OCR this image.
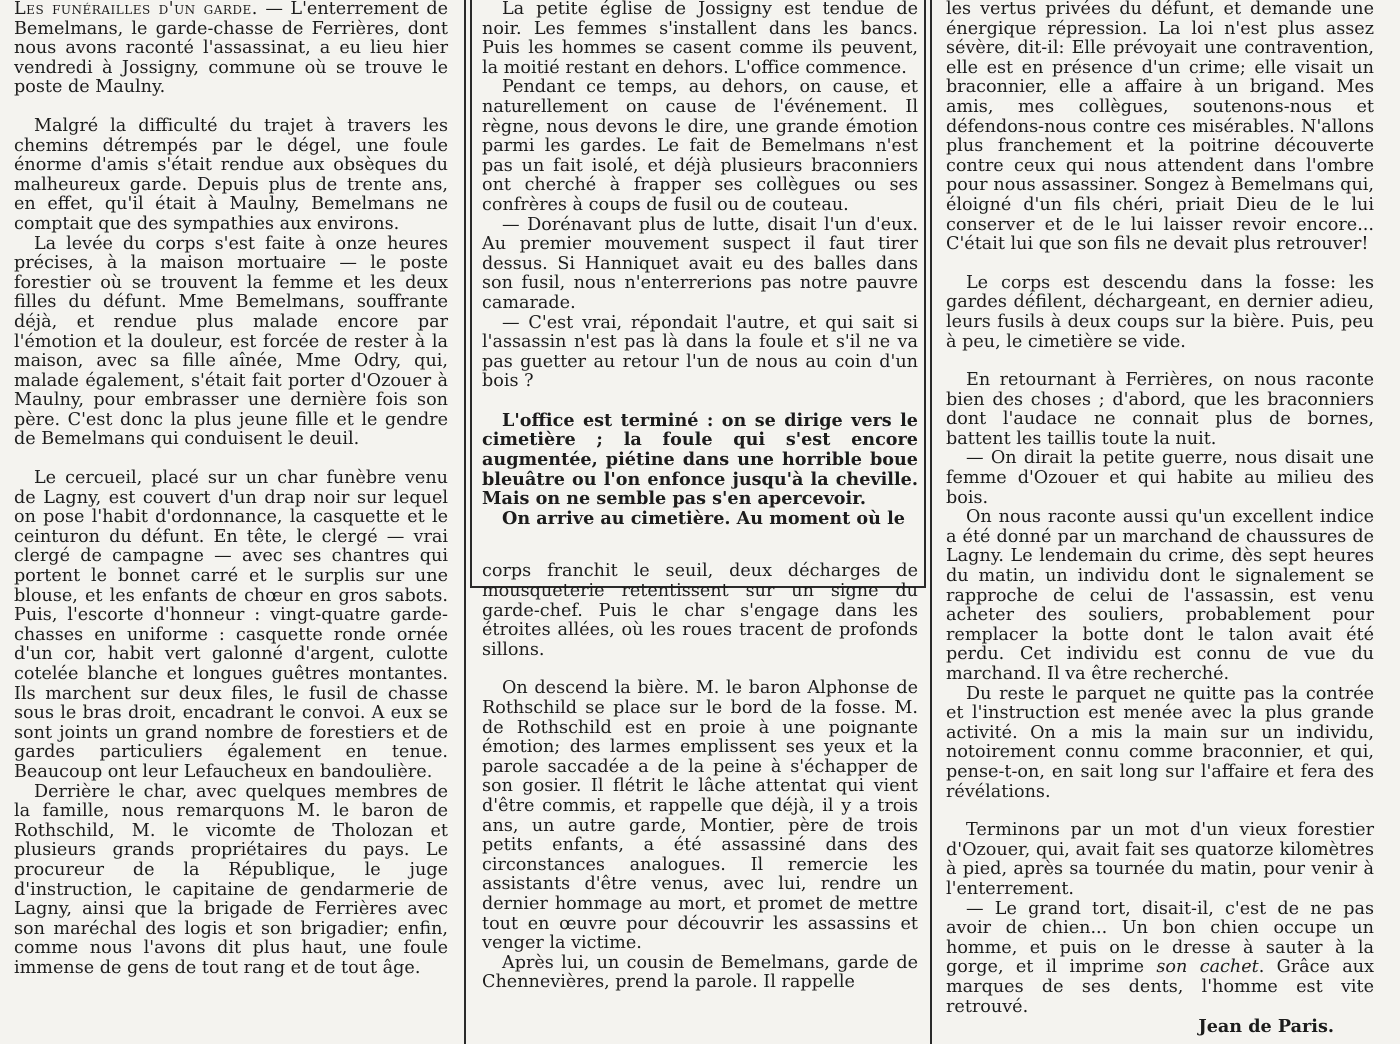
Les funérailles d'un garde. — L'enterrement de Bemelmans, le garde-chasse de Ferrières, dont nous avons raconté l'assassinat, a eu lieu hier vendredi à Jossigny, commune où se trouve le poste de Maulny.

Malgré la difficulté du trajet à travers les chemins détrempés par le dégel, une foule énorme d'amis s'était rendue aux obsèques du malheureux garde. Depuis plus de trente ans, en effet, qu'il était à Maulny, Bemelmans ne comptait que des sympathies aux environs.

La levée du corps s'est faite à onze heures précises, à la maison mortuaire — le poste forestier où se trouvent la femme et les deux filles du défunt. Mme Bemelmans, souffrante déjà, et rendue plus malade encore par l'émotion et la douleur, est forcée de rester à la maison, avec sa fille aînée, Mme Odry, qui, malade également, s'était fait porter d'Ozouer à Maulny, pour embrasser une dernière fois son père. C'est donc la plus jeune fille et le gendre de Bemelmans qui conduisent le deuil.

Le cercueil, placé sur un char funèbre venu de Lagny, est couvert d'un drap noir sur lequel on pose l'habit d'ordonnance, la casquette et le ceinturon du défunt. En tête, le clergé — vrai clergé de campagne — avec ses chantres qui portent le bonnet carré et le surplis sur une blouse, et les enfants de chœur en gros sabots. Puis, l'escorte d'honneur : vingt-quatre garde-chasses en uniforme : casquette ronde ornée d'un cor, habit vert galonné d'argent, culotte cotelée blanche et longues guêtres montantes. Ils marchent sur deux files, le fusil de chasse sous le bras droit, encadrant le convoi. A eux se sont joints un grand nombre de forestiers et de gardes particuliers également en tenue. Beaucoup ont leur Lefaucheux en bandoulière.

Derrière le char, avec quelques membres de la famille, nous remarquons M. le baron de Rothschild, M. le vicomte de Tholozan et plusieurs grands propriétaires du pays. Le procureur de la République, le juge d'instruction, le capitaine de gendarmerie de Lagny, ainsi que la brigade de Ferrières avec son maréchal des logis et son brigadier; enfin, comme nous l'avons dit plus haut, une foule immense de gens de tout rang et de tout âge.

La petite église de Jossigny est tendue de noir. Les femmes s'installent dans les bancs. Puis les hommes se casent comme ils peuvent, la moitié restant en dehors. L'office commence.

Pendant ce temps, au dehors, on cause, et naturellement on cause de l'événement. Il règne, nous devons le dire, une grande émotion parmi les gardes. Le fait de Bemelmans n'est pas un fait isolé, et déjà plusieurs braconniers ont cherché à frapper ses collègues ou ses confrères à coups de fusil ou de couteau.

— Dorénavant plus de lutte, disait l'un d'eux. Au premier mouvement suspect il faut tirer dessus. Si Hanniquet avait eu des balles dans son fusil, nous n'enterrerions pas notre pauvre camarade.

— C'est vrai, répondait l'autre, et qui sait si l'assassin n'est pas là dans la foule et s'il ne va pas guetter au retour l'un de nous au coin d'un bois ?

L'office est terminé : on se dirige vers le cimetière ; la foule qui s'est encore augmentée, piétine dans une horrible boue bleuâtre ou l'on enfonce jusqu'à la cheville. Mais on ne semble pas s'en apercevoir.

On arrive au cimetière. Au moment où le

corps franchit le seuil, deux décharges de mousqueterie retentissent sur un signe du garde-chef. Puis le char s'engage dans les étroites allées, où les roues tracent de profonds sillons.

On descend la bière. M. le baron Alphonse de Rothschild se place sur le bord de la fosse. M. de Rothschild est en proie à une poignante émotion; des larmes emplissent ses yeux et la parole saccadée a de la peine à s'échapper de son gosier. Il flétrit le lâche attentat qui vient d'être commis, et rappelle que déjà, il y a trois ans, un autre garde, Montier, père de trois petits enfants, a été assassiné dans des circonstances analogues. Il remercie les assistants d'être venus, avec lui, rendre un dernier hommage au mort, et promet de mettre tout en œuvre pour découvrir les assassins et venger la victime.

Après lui, un cousin de Bemelmans, garde de Chennevières, prend la parole. Il rappelle

les vertus privées du défunt, et demande une énergique répression. La loi n'est plus assez sévère, dit-il: Elle prévoyait une contravention, elle est en présence d'un crime; elle visait un braconnier, elle a affaire à un brigand. Mes amis, mes collègues, soutenons-nous et défendons-nous contre ces misérables. N'allons plus franchement et la poitrine découverte contre ceux qui nous attendent dans l'ombre pour nous assassiner. Songez à Bemelmans qui, éloigné d'un fils chéri, priait Dieu de le lui conserver et de le lui laisser revoir encore... C'était lui que son fils ne devait plus retrouver!

Le corps est descendu dans la fosse: les gardes défilent, déchargeant, en dernier adieu, leurs fusils à deux coups sur la bière. Puis, peu à peu, le cimetière se vide.

En retournant à Ferrières, on nous raconte bien des choses ; d'abord, que les braconniers dont l'audace ne connait plus de bornes, battent les taillis toute la nuit.

— On dirait la petite guerre, nous disait une femme d'Ozouer et qui habite au milieu des bois.

On nous raconte aussi qu'un excellent indice a été donné par un marchand de chaussures de Lagny. Le lendemain du crime, dès sept heures du matin, un individu dont le signalement se rapproche de celui de l'assassin, est venu acheter des souliers, probablement pour remplacer la botte dont le talon avait été perdu. Cet individu est connu de vue du marchand. Il va être recherché.

Du reste le parquet ne quitte pas la contrée et l'instruction est menée avec la plus grande activité. On a mis la main sur un individu, notoirement connu comme braconnier, et qui, pense-t-on, en sait long sur l'affaire et fera des révélations.

Terminons par un mot d'un vieux forestier d'Ozouer, qui, avait fait ses quatorze kilomètres à pied, après sa tournée du matin, pour venir à l'enterrement.

— Le grand tort, disait-il, c'est de ne pas avoir de chien... Un bon chien occupe un homme, et puis on le dresse à sauter à la gorge, et il imprime son cachet. Grâce aux marques de ses dents, l'homme est vite retrouvé.

Jean de Paris.
